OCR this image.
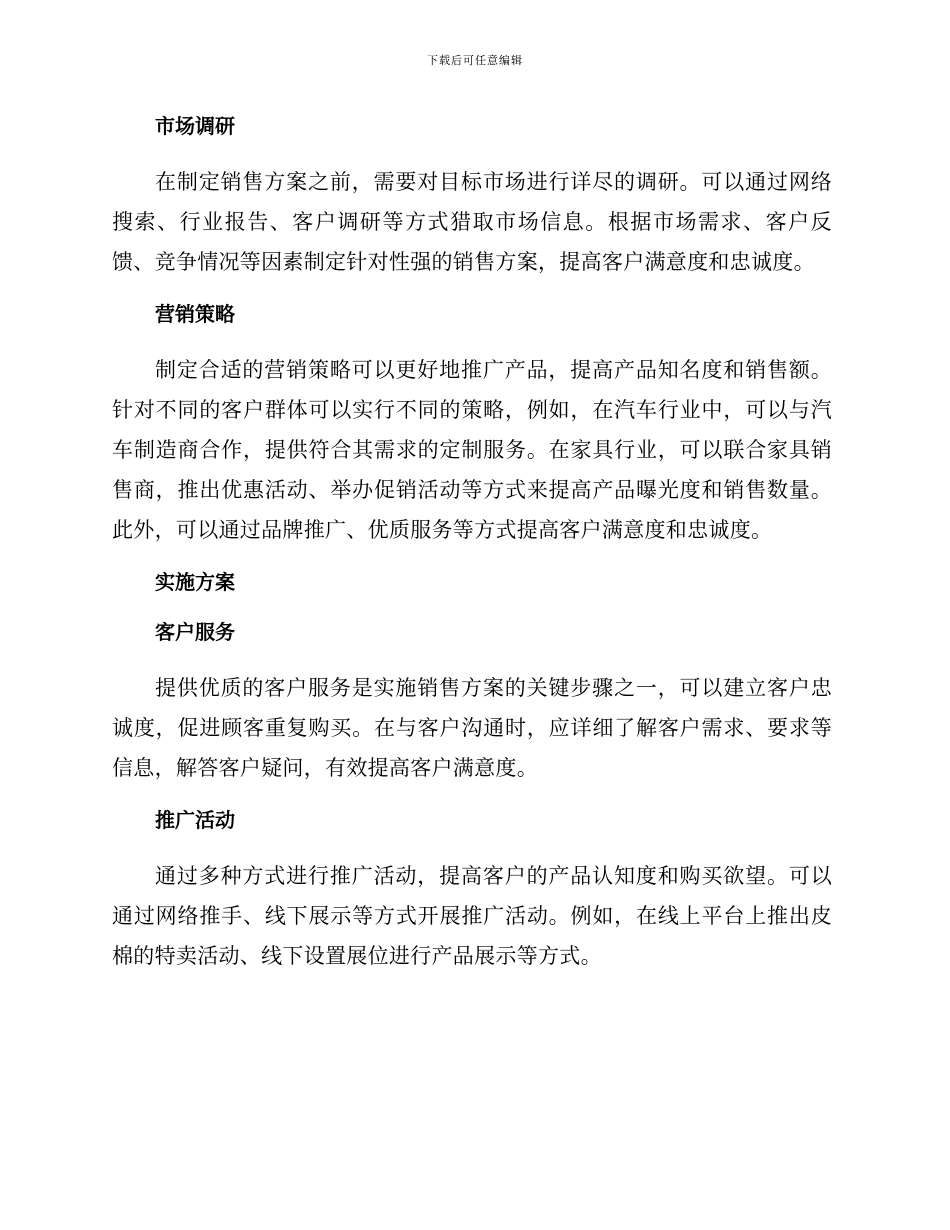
下载后可任意编辑
市场调研

在制定销售方案之前，需要对目标市场进行详尽的调研。可以通过网络搜索、行业报告、客户调研等方式猎取市场信息。根据市场需求、客户反馈、竞争情况等因素制定针对性强的销售方案，提高客户满意度和忠诚度。

营销策略

制定合适的营销策略可以更好地推广产品，提高产品知名度和销售额。针对不同的客户群体可以实行不同的策略，例如，在汽车行业中，可以与汽车制造商合作，提供符合其需求的定制服务。在家具行业，可以联合家具销售商，推出优惠活动、举办促销活动等方式来提高产品曝光度和销售数量。此外，可以通过品牌推广、优质服务等方式提高客户满意度和忠诚度。

实施方案
客户服务

提供优质的客户服务是实施销售方案的关键步骤之一，可以建立客户忠诚度，促进顾客重复购买。在与客户沟通时，应详细了解客户需求、要求等信息，解答客户疑问，有效提高客户满意度。

推广活动

通过多种方式进行推广活动，提高客户的产品认知度和购买欲望。可以通过网络推手、线下展示等方式开展推广活动。例如，在线上平台上推出皮棉的特卖活动、线下设置展位进行产品展示等方式。
